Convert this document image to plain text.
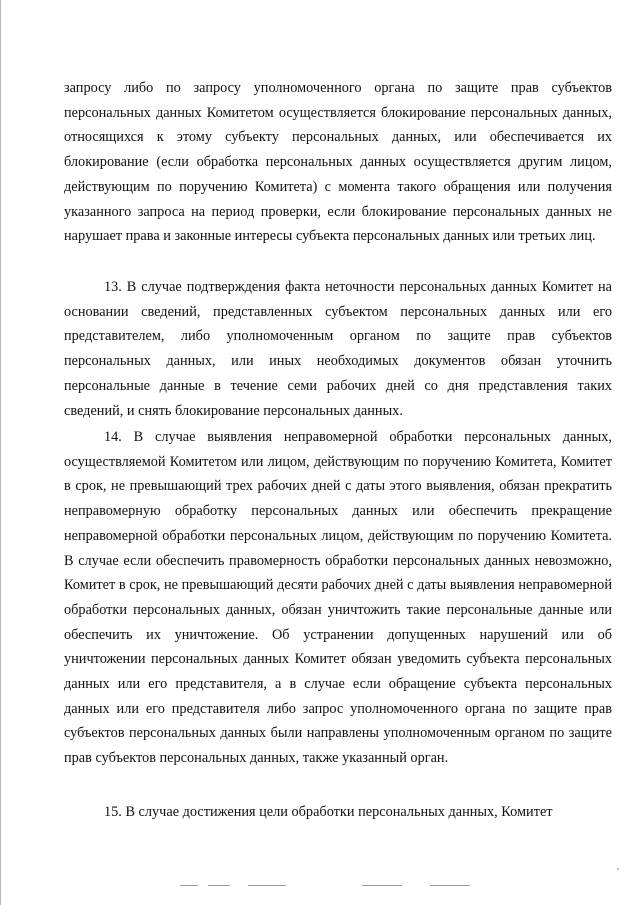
запросу либо по запросу уполномоченного органа по защите прав субъектов персональных данных Комитетом осуществляется блокирование персональных данных, относящихся к этому субъекту персональных данных, или обеспечивается их блокирование (если обработка персональных данных осуществляется другим лицом, действующим по поручению Комитета) с момента такого обращения или получения указанного запроса на период проверки, если блокирование персональных данных не нарушает права и законные интересы субъекта персональных данных или третьих лиц.

13. В случае подтверждения факта неточности персональных данных Комитет на основании сведений, представленных субъектом персональных данных или его представителем, либо уполномоченным органом по защите прав субъектов персональных данных, или иных необходимых документов обязан уточнить персональные данные в течение семи рабочих дней со дня представления таких сведений, и снять блокирование персональных данных.

14. В случае выявления неправомерной обработки персональных данных, осуществляемой Комитетом или лицом, действующим по поручению Комитета, Комитет в срок, не превышающий трех рабочих дней с даты этого выявления, обязан прекратить неправомерную обработку персональных данных или обеспечить прекращение неправомерной обработки персональных лицом, действующим по поручению Комитета. В случае если обеспечить правомерность обработки персональных данных невозможно, Комитет в срок, не превышающий десяти рабочих дней с даты выявления неправомерной обработки персональных данных, обязан уничтожить такие персональные данные или обеспечить их уничтожение. Об устранении допущенных нарушений или об уничтожении персональных данных Комитет обязан уведомить субъекта персональных данных или его представителя, а в случае если обращение субъекта персональных данных или его представителя либо запрос уполномоченного органа по защите прав субъектов персональных данных были направлены уполномоченным органом по защите прав субъектов персональных данных, также указанный орган.

15. В случае достижения цели обработки персональных данных, Комитет
